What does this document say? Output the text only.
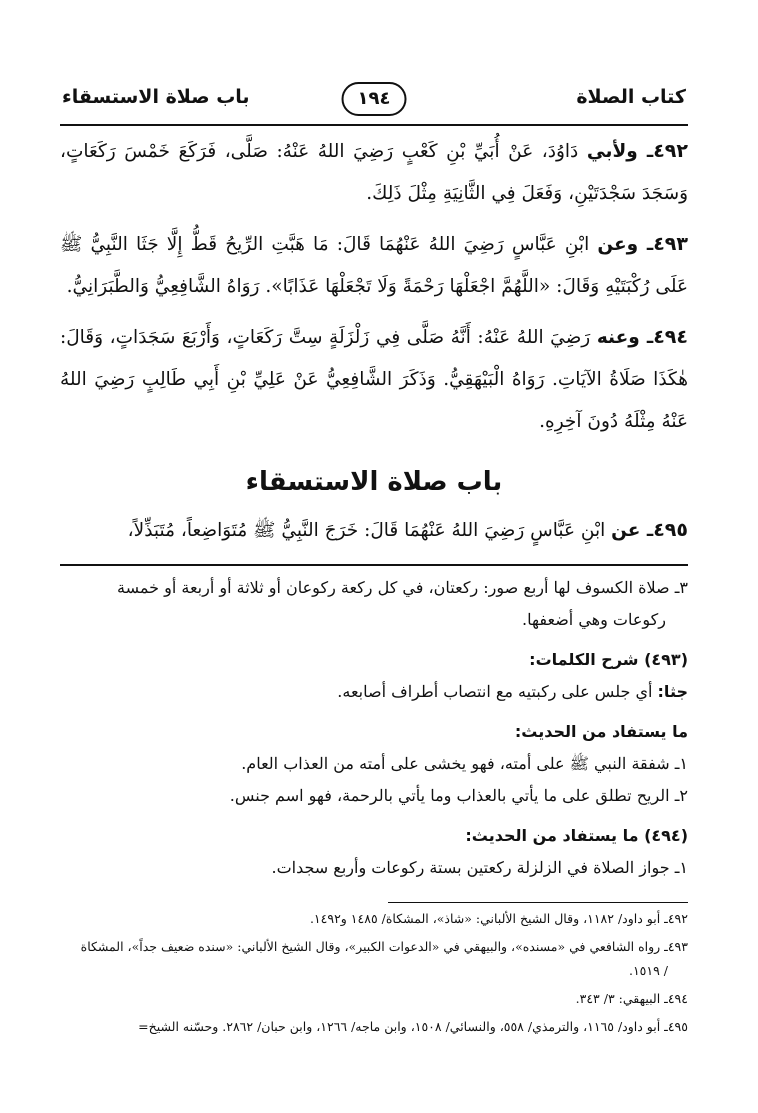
كتاب الصلاة
١٩٤
باب صلاة الاستسقاء
٤٩٢ـ ولأبي دَاوُدَ، عَنْ أُبَيِّ بْنِ كَعْبٍ رَضِيَ اللهُ عَنْهُ: صَلَّى، فَرَكَعَ خَمْسَ رَكَعَاتٍ، وَسَجَدَ سَجْدَتَيْنِ، وَفَعَلَ فِي الثَّانِيَةِ مِثْلَ ذَلِكَ.
٤٩٣ـ وعن ابْنِ عَبَّاسٍ رَضِيَ اللهُ عَنْهُمَا قَالَ: مَا هَبَّتِ الرِّيحُ قَطُّ إِلَّا جَثَا النَّبِيُّ ﷺ عَلَى رُكْبَتَيْهِ وَقَالَ: «اللَّهُمَّ اجْعَلْهَا رَحْمَةً وَلَا تَجْعَلْهَا عَذَابًا». رَوَاهُ الشَّافِعِيُّ وَالطَّبَرَانِيُّ.
٤٩٤ـ وعنه رَضِيَ اللهُ عَنْهُ: أَنَّهُ صَلَّى فِي زَلْزَلَةٍ سِتَّ رَكَعَاتٍ، وَأَرْبَعَ سَجَدَاتٍ، وَقَالَ: هٰكَذَا صَلَاةُ الآيَاتِ. رَوَاهُ الْبَيْهَقِيُّ. وَذَكَرَ الشَّافِعِيُّ عَنْ عَلِيِّ بْنِ أَبِي طَالِبٍ رَضِيَ اللهُ عَنْهُ مِثْلَهُ دُونَ آخِرِهِ.
باب صلاة الاستسقاء
٤٩٥ـ عن ابْنِ عَبَّاسٍ رَضِيَ اللهُ عَنْهُمَا قَالَ: خَرَجَ النَّبِيُّ ﷺ مُتَوَاضِعاً، مُتَبَذِّلاً،

٣ـ صلاة الكسوف لها أربع صور: ركعتان، في كل ركعة ركوعان أو ثلاثة أو أربعة أو خمسة

ركوعات وهي أضعفها.

(٤٩٣) شرح الكلمات:

جثا: أي جلس على ركبتيه مع انتصاب أطراف أصابعه.

ما يستفاد من الحديث:

١ـ شفقة النبي ﷺ على أمته، فهو يخشى على أمته من العذاب العام.

٢ـ الريح تطلق على ما يأتي بالعذاب وما يأتي بالرحمة، فهو اسم جنس.

(٤٩٤) ما يستفاد من الحديث:

١ـ جواز الصلاة في الزلزلة ركعتين بستة ركوعات وأربع سجدات.

٤٩٢ـ أبو داود/ ١١٨٢، وقال الشيخ الألباني: «شاذ»، المشكاة/ ١٤٨٥ و١٤٩٢.

٤٩٣ـ رواه الشافعي في «مسنده»، والبيهقي في «الدعوات الكبير»، وقال الشيخ الألباني: «سنده ضعيف جداً»، المشكاة
/ ١٥١٩.

٤٩٤ـ البيهقي: ٣/ ٣٤٣.

٤٩٥ـ أبو داود/ ١١٦٥، والترمذي/ ٥٥٨، والنسائي/ ١٥٠٨، وابن ماجه/ ١٢٦٦، وابن حبان/ ٢٨٦٢. وحسّنه الشيخ=
